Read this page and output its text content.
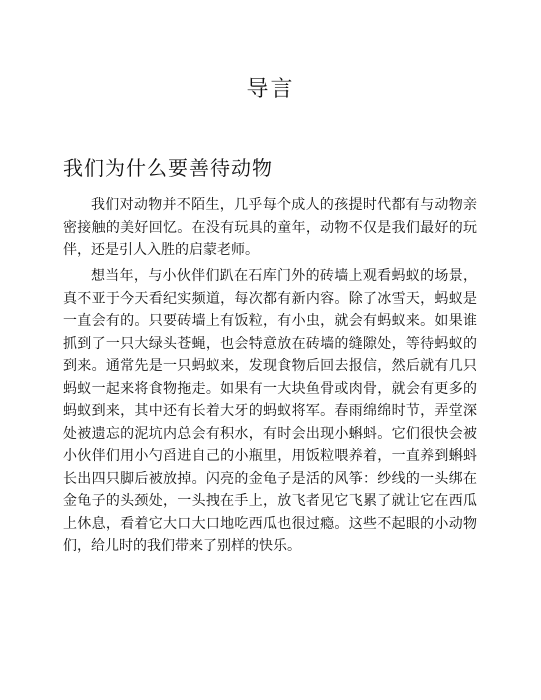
导言
我们为什么要善待动物

我们对动物并不陌生，几乎每个成人的孩提时代都有与动物亲密接触的美好回忆。在没有玩具的童年，动物不仅是我们最好的玩伴，还是引人入胜的启蒙老师。

想当年，与小伙伴们趴在石库门外的砖墙上观看蚂蚁的场景，真不亚于今天看纪实频道，每次都有新内容。除了冰雪天，蚂蚁是一直会有的。只要砖墙上有饭粒，有小虫，就会有蚂蚁来。如果谁抓到了一只大绿头苍蝇，也会特意放在砖墙的缝隙处，等待蚂蚁的到来。通常先是一只蚂蚁来，发现食物后回去报信，然后就有几只蚂蚁一起来将食物拖走。如果有一大块鱼骨或肉骨，就会有更多的蚂蚁到来，其中还有长着大牙的蚂蚁将军。春雨绵绵时节，弄堂深处被遗忘的泥坑内总会有积水，有时会出现小蝌蚪。它们很快会被小伙伴们用小勺舀进自己的小瓶里，用饭粒喂养着，一直养到蝌蚪长出四只脚后被放掉。闪亮的金龟子是活的风筝：纱线的一头绑在金龟子的头颈处，一头拽在手上，放飞者见它飞累了就让它在西瓜上休息，看着它大口大口地吃西瓜也很过瘾。这些不起眼的小动物们，给儿时的我们带来了别样的快乐。
